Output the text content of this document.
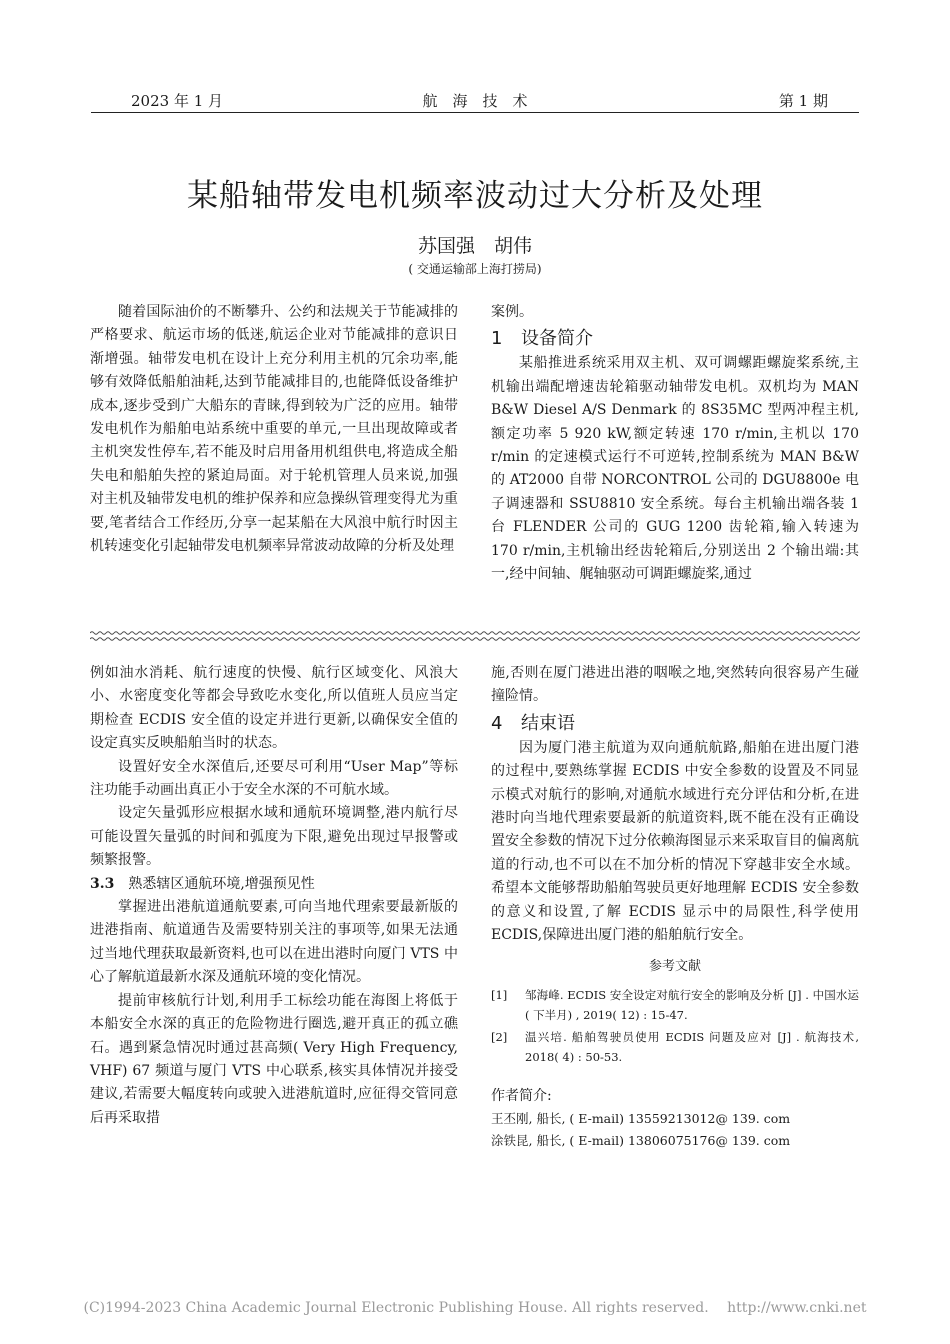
2023 年 1 月	航　海　技　术	第 1 期
某船轴带发电机频率波动过大分析及处理
苏国强　胡伟
( 交通运输部上海打捞局)

随着国际油价的不断攀升、公约和法规关于节能减排的严格要求、航运市场的低迷,航运企业对节能减排的意识日渐增强。轴带发电机在设计上充分利用主机的冗余功率,能够有效降低船舶油耗,达到节能减排目的,也能降低设备维护成本,逐步受到广大船东的青睐,得到较为广泛的应用。轴带发电机作为船舶电站系统中重要的单元,一旦出现故障或者主机突发性停车,若不能及时启用备用机组供电,将造成全船失电和船舶失控的紧迫局面。对于轮机管理人员来说,加强对主机及轴带发电机的维护保养和应急操纵管理变得尤为重要,笔者结合工作经历,分享一起某船在大风浪中航行时因主机转速变化引起轴带发电机频率异常波动故障的分析及处理

案例。

1 设备简介

某船推进系统采用双主机、双可调螺距螺旋桨系统,主机输出端配增速齿轮箱驱动轴带发电机。双机均为 MAN B&W Diesel A/S Denmark 的 8S35MC 型两冲程主机,额定功率 5 920 kW,额定转速 170 r/min,主机以 170 r/min 的定速模式运行不可逆转,控制系统为 MAN B&W 的 AT2000 自带 NORCONTROL 公司的 DGU8800e 电子调速器和 SSU8810 安全系统。每台主机输出端各装 1 台 FLENDER 公司的 GUG 1200 齿轮箱,输入转速为 170 r/min,主机输出经齿轮箱后,分别送出 2 个输出端:其一,经中间轴、艉轴驱动可调距螺旋桨,通过

例如油水消耗、航行速度的快慢、航行区域变化、风浪大小、水密度变化等都会导致吃水变化,所以值班人员应当定期检查 ECDIS 安全值的设定并进行更新,以确保安全值的设定真实反映船舶当时的状态。

设置好安全水深值后,还要尽可利用“User Map”等标注功能手动画出真正小于安全水深的不可航水域。

设定矢量弧形应根据水域和通航环境调整,港内航行尽可能设置矢量弧的时间和弧度为下限,避免出现过早报警或频繁报警。

3.3 熟悉辖区通航环境,增强预见性

掌握进出港航道通航要素,可向当地代理索要最新版的进港指南、航道通告及需要特别关注的事项等,如果无法通过当地代理获取最新资料,也可以在进出港时向厦门 VTS 中心了解航道最新水深及通航环境的变化情况。

提前审核航行计划,利用手工标绘功能在海图上将低于本船安全水深的真正的危险物进行圈选,避开真正的孤立礁石。遇到紧急情况时通过甚高频( Very High Frequency, VHF) 67 频道与厦门 VTS 中心联系,核实具体情况并接受建议,若需要大幅度转向或驶入进港航道时,应征得交管同意后再采取措

施,否则在厦门港进出港的咽喉之地,突然转向很容易产生碰撞险情。

4 结束语

因为厦门港主航道为双向通航航路,船舶在进出厦门港的过程中,要熟练掌握 ECDIS 中安全参数的设置及不同显示模式对航行的影响,对通航水域进行充分评估和分析,在进港时向当地代理索要最新的航道资料,既不能在没有正确设置安全参数的情况下过分依赖海图显示来采取盲目的偏离航道的行动,也不可以在不加分析的情况下穿越非安全水域。希望本文能够帮助船舶驾驶员更好地理解 ECDIS 安全参数的意义和设置,了解 ECDIS 显示中的局限性,科学使用 ECDIS,保障进出厦门港的船舶航行安全。

参考文献
[1]	邹海峰. ECDIS 安全设定对航行安全的影响及分析 [J] . 中国水运( 下半月) , 2019( 12) : 15-47.
[2]	温兴培. 船舶驾驶员使用 ECDIS 问题及应对 [J] . 航海技术, 2018( 4) : 50-53.
作者简介:
王丕刚, 船长, ( E-mail) 13559213012@ 139. com
涂铁昆, 船长, ( E-mail) 13806075176@ 139. com
(C)1994-2023 China Academic Journal Electronic Publishing House. All rights reserved.　 http://www.cnki.net
